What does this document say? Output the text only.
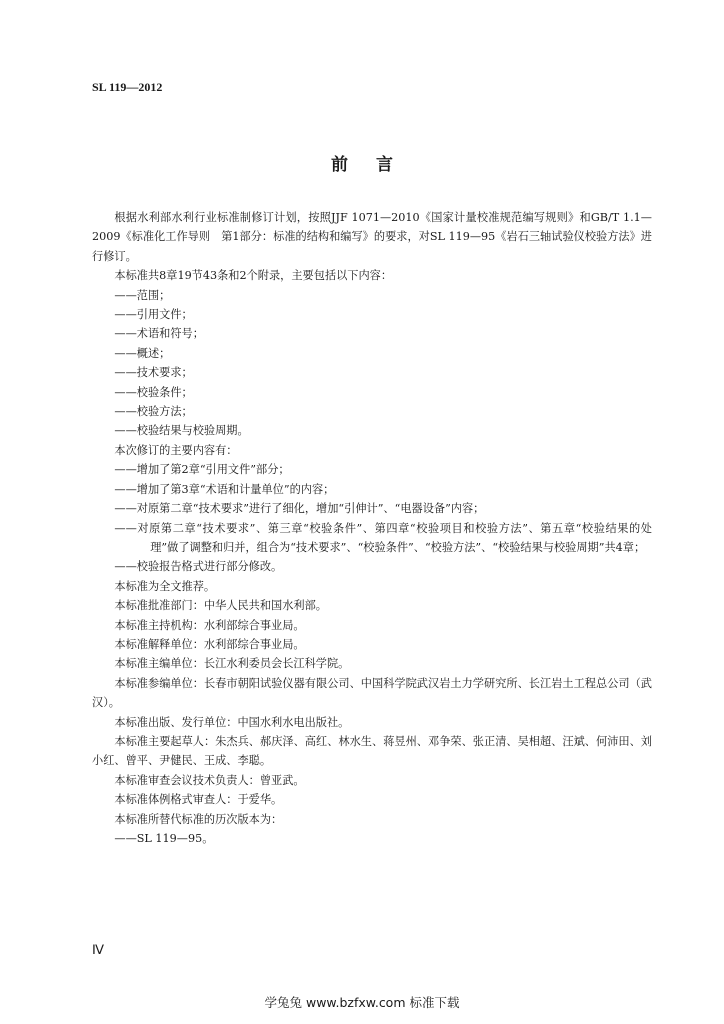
SL 119—2012
前言

根据水利部水利行业标准制修订计划，按照JJF 1071—2010《国家计量校准规范编写规则》和GB/T 1.1—2009《标准化工作导则　第1部分：标准的结构和编写》的要求，对SL 119—95《岩石三轴试验仪校验方法》进行修订。

本标准共8章19节43条和2个附录，主要包括以下内容：

——范围；

——引用文件；

——术语和符号；

——概述；

——技术要求；

——校验条件；

——校验方法；

——校验结果与校验周期。

本次修订的主要内容有：

——增加了第2章“引用文件”部分；

——增加了第3章“术语和计量单位”的内容；

——对原第二章“技术要求”进行了细化，增加“引伸计”、“电器设备”内容；

——对原第二章“技术要求”、第三章“校验条件”、第四章“校验项目和校验方法”、第五章“校验结果的处理”做了调整和归并，组合为“技术要求”、“校验条件”、“校验方法”、“校验结果与校验周期”共4章；

——校验报告格式进行部分修改。

本标准为全文推荐。

本标准批准部门：中华人民共和国水利部。

本标准主持机构：水利部综合事业局。

本标准解释单位：水利部综合事业局。

本标准主编单位：长江水利委员会长江科学院。

本标准参编单位：长春市朝阳试验仪器有限公司、中国科学院武汉岩土力学研究所、长江岩土工程总公司（武汉）。

本标准出版、发行单位：中国水利水电出版社。

本标准主要起草人：朱杰兵、郝庆泽、高红、林水生、蒋昱州、邓争荣、张正清、吴相超、汪斌、何沛田、刘小红、曾平、尹健民、王成、李聪。

本标准审查会议技术负责人：曾亚武。

本标准体例格式审查人：于爱华。

本标准所替代标准的历次版本为：

——SL 119—95。

Ⅳ
学兔兔 www.bzfxw.com 标准下载
